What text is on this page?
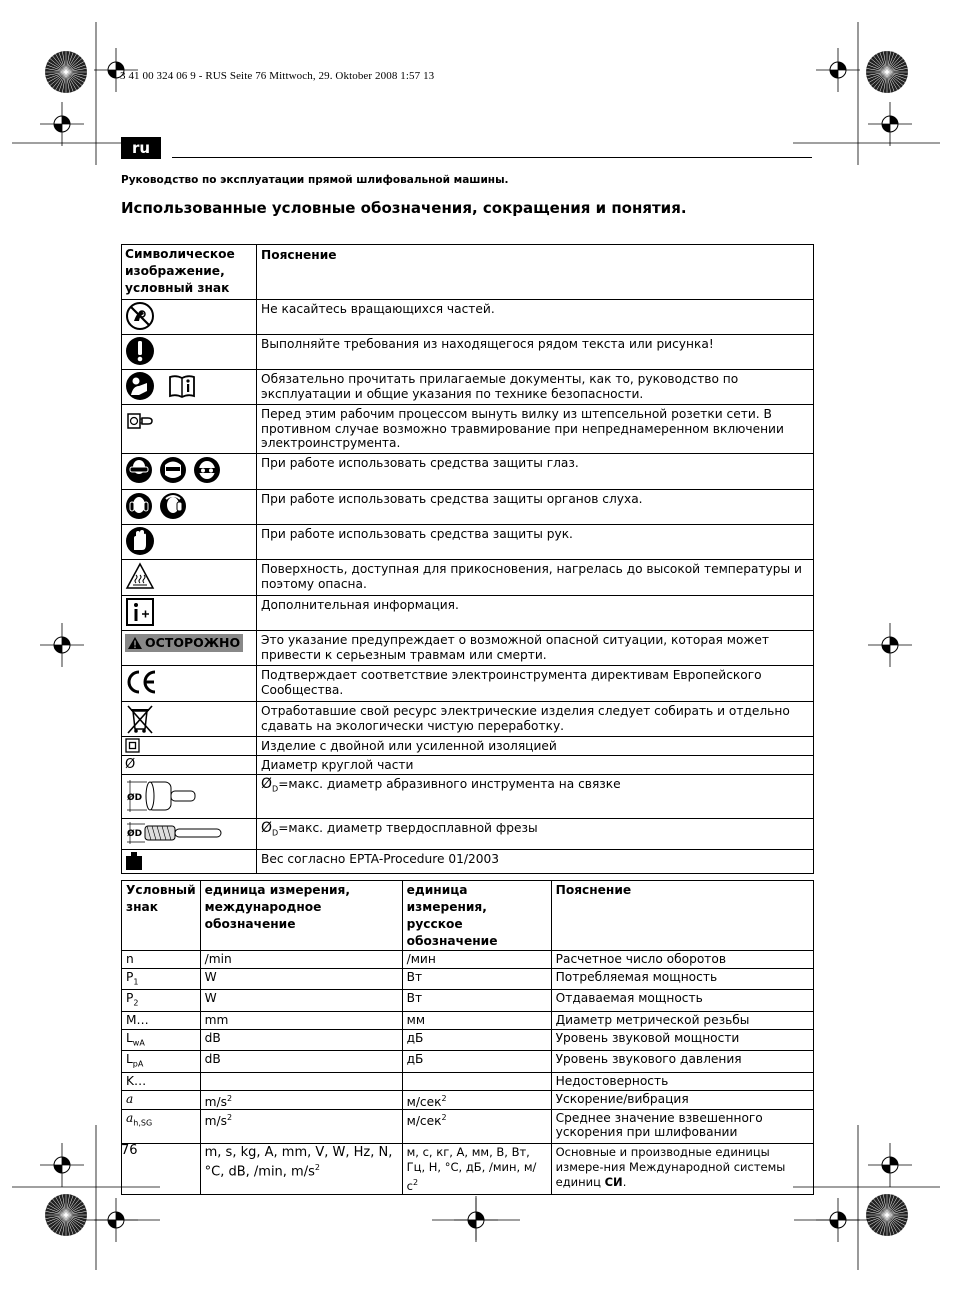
3 41 00 324 06 9 - RUS Seite 76 Mittwoch, 29. Oktober 2008 1:57 13
ru
Руководство по эксплуатации прямой шлифовальной машины.
Использованные условные обозначения, сокращения и понятия.
Символическое изображение, условный знак	Пояснение
	Не касайтесь вращающихся частей.
	Выполняйте требования из находящегося рядом текста или рисунка!
	Обязательно прочитать прилагаемые документы, как то, руководство по эксплуатации и общие указания по технике безопасности.
	Перед этим рабочим процессом вынуть вилку из штепсельной розетки сети. В противном случае возможно травмирование при непреднамеренном включении электроинструмента.
	При работе использовать средства защиты глаз.
	При работе использовать средства защиты органов слуха.
	При работе использовать средства защиты рук.
	Поверхность, доступная для прикосновения, нагрелась до высокой температуры и поэтому опасна.
	Дополнительная информация.

ОСТОРОЖНО	Это указание предупреждает о возможной опасной ситуации, которая может привести к серьезным травмам или смерти.
	Подтверждает соответствие электроинструмента директивам Европейского Сообщества.
	Отработавшие свой ресурс электрические изделия следует собирать и отдельно сдавать на экологически чистую переработку.
	Изделие с двойной или усиленной изоляцией
Ø	Диаметр круглой части

ØD	$Ø_D=макс$. диаметр абразивного инструмента на связке

ØD	$Ø_D=макс$. диаметр твердосплавной фрезы
	Вес согласно EPTA-Procedure 01/2003
Условный знак	единица измерения, международное обозначение	единица измерения, русское обозначение	Пояснение
n	/min	/мин	Расчетное число оборотов
$P_1$	W	Вт	Потребляемая мощность
$P_2$	W	Вт	Отдаваемая мощность
M…	mm	мм	Диаметр метрической резьбы
$L_{wA}$	dB	дБ	Уровень звуковой мощности
$L_{pA}$	dB	дБ	Уровень звукового давления
K…			Недостоверность
a	$m/s^2$	м/сек$^2$	Ускорение/вибрация
$a_{h,SG}$	$m/s^2$	м/сек$^2$	Среднее значение взвешенного ускорения при шлифовании
	m, s, kg, A, mm, V, W, Hz, N, °C, dB, /min, $m/s^2$	м, с, кг, А, мм, В, Вт, Гц, Н, °C, дБ, /мин, $м/с^2$	Основные и производные единицы измере-ния Международной системы единиц СИ.
76
